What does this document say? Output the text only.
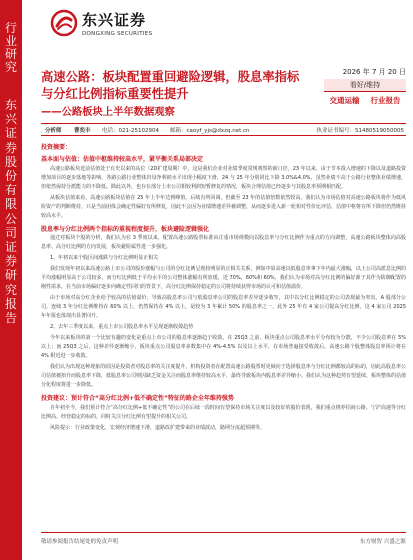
行业研究
东兴证券股份有限公司证券研究报告
东兴证券
DONGXING SECURITIES
高速公路：板块配置重回避险逻辑，股息率指标与分红比例指标重要性提升
——公路板块上半年数据观察
2026 年 7 月 20 日
看好/维持
交通运输	行业报告
分析师	曹奕丰	电话：021-25102904	邮箱：caoyf_yjs@dxzq.net.cn	执业证书编号：S1480519050005
投资摘要：
基本面与估值：估值中枢维持较高水平，紧平衡关系局部决定
高速公路板块近前估值处于有史以来的高位（2D扩建周期）中，这是我们企业对业绩季度常规观察的新口径，23 年以来，由于节本投入增速的下降以及道路投资增加项目的逐步落地等影响，各路公路行业整体归母净利润水平出现小幅度下滑，24 与 25 年分别同比下降 3.0%&4.0%，虽然业绩不高于公路行业整体业绩增速，但依然保持分派能力的不降低。除此以外，也存在部分上市公司相较利润短暂修复的情况，板块合理估值已经逐步与其股息率预期相匹配。
从板块估值来看，高速公路板块估值在 25 年上半年达到峰值，后续有所回调，但截至 23 年的估值倍数依然较高。我们认为市场估值对高速公路板块将作为低风险资产的判断维持，只是当前团体会确定性偏好有所修复，因此不会因为业绩增速差异被调整，从而逐步进入新一轮相对性价比评估，估值中枢将有所下降但仍然维持较高水平。
股息率与分红比例两个指标的重视程度提升，板块避险逻辑强化
通过对板块个股的分析，我们认为在 3 季度以来，配置高速公路股票标准由注重市场规模向以股息率与分红比例作为重点的方向调整，高速公路板块整体向高股息率、高分红比例的方向发展，板块避险属性进一步强化。
1、年初以来个股区间涨跌与分红比例明显正相关
我们发现年初以来高速公路上市公司的股价涨幅与公司的分红比例呈现较明显的正相关关系，例如中原高速以低股息率拿下年内最大涨幅，以上公司高派息比例的平均涨幅明显高于公司较多，而分红比例低于平均水平的公司整体涨幅有所放缓，近 70%、60%和 60%，我们认为市场对高分红比例的偏好源于其作为防御配置的刚性需求，在当前市场偏好逐步向确定性回归的背景下，高分红比例保持稳定的公司将持续获得市场的认可和估值溢价。
由于市场对高分红企业给予较高的估值溢价，导致高股息率公司与低股息率公司的股息率差异逐步收窄，其中以分红比例稳定的公司表现最为突出。A 股部分公司，连续 3 年分红比例维持在 60% 以上，仍然保持在 4% 以上，是较为 3 年累计 50% 的股息率之一，此外 25 年有 4 家公司提高分红比例，这 4 家公司 2025 年年报也体现出显著回升。
2、去年三季度以来，重点上市公司股息率水平呈现逐渐收敛趋势
今年以来板块的第一个比较有趣的变化是重点上市公司的股息率逐渐趋于收敛，在 25Q3 之前，板块重点公司股息率水平分布较为分散，不少公司股息率在 5% 以上；而 25Q3 之后，这种差异逐渐缩小，板块重点公司股息率多数集中在 4%-4.5% 以及以上水平，在市场普遍接受收敛后，高速公路个股整体股息率预计将在 4% 附近进一步收敛。
我们认为出现这种现象的原因是投资者对股息率的关注度提升，机构投资者在配置高速公路股票时更倾向于选择股息率与分红比例都较高的标的，因此高股息率公司估值被抬升而股息率下降，低股息率公司则因缺乏资金关注而股息率维持较高水平，最终导致板块内股息率差异缩小。我们认为这种趋势有望延续，板块整体的估值分化程度将进一步降低。
投资建议：预计符合“高分红比例+低不确定性”特征的路企全年维持强势
自年初至今，我们预计符合“高分红比例+低不确定性”的公司在后续一段时间有望保持市场关注度以及较好的股价表现，我们重点推荐招商公路、宁沪高速等分红比例高、经营稳定的标的，同时关注分红比例有望提升的相关公司。
风险提示：行业政策变化，宏观经济增速下滑，道路改扩建带来的业绩波动，路网分流超预期等。
敬请参阅报告结尾处的免责声明	东方财智 兴盛之源
